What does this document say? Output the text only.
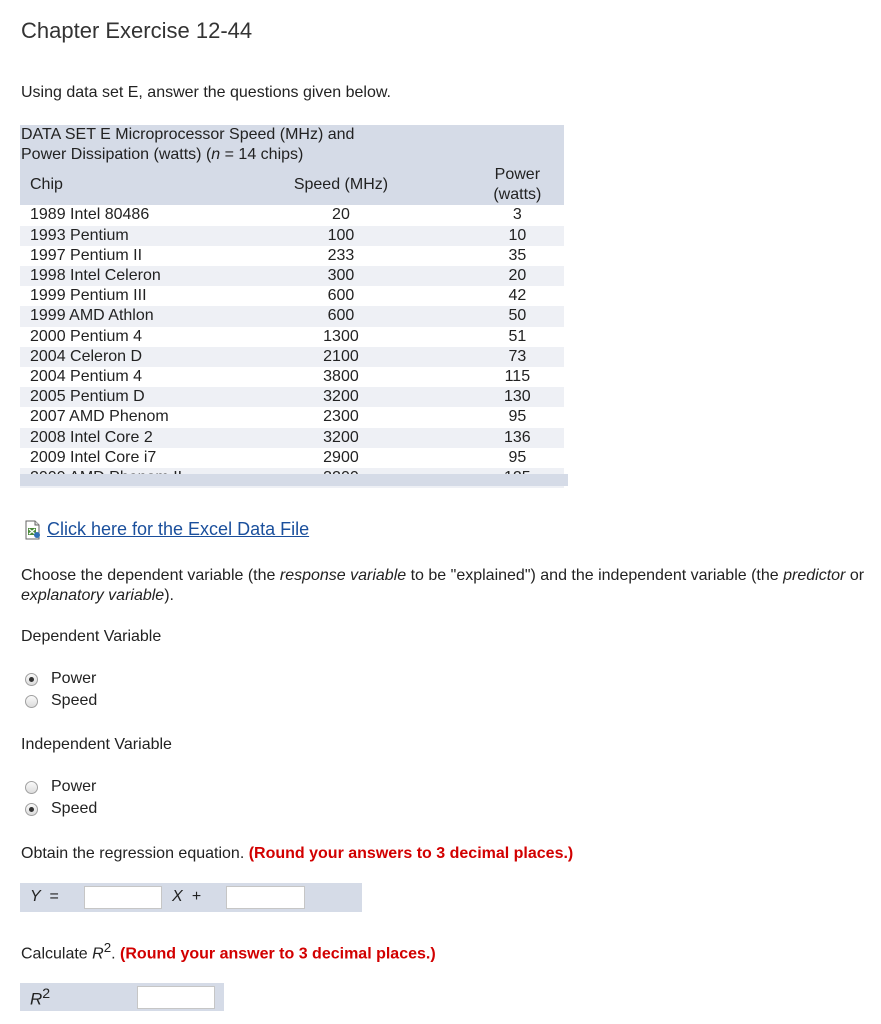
Chapter Exercise 12-44
Using data set E, answer the questions given below.
DATA SET E Microprocessor Speed (MHz) and
Power Dissipation (watts) (n = 14 chips)
Chip	Speed (MHz)	Power (watts)
1989 Intel 80486	20	3
1993 Pentium	100	10
1997 Pentium II	233	35
1998 Intel Celeron	300	20
1999 Pentium III	600	42
1999 AMD Athlon	600	50
2000 Pentium 4	1300	51
2004 Celeron D	2100	73
2004 Pentium 4	3800	115
2005 Pentium D	3200	130
2007 AMD Phenom	2300	95
2008 Intel Core 2	3200	136
2009 Intel Core i7	2900	95

Click here for the Excel Data File
Choose the dependent variable (the response variable to be "explained") and the independent variable (the predictor or explanatory variable).
Dependent Variable
Power
Speed
Independent Variable
Power
Speed
Obtain the regression equation. (Round your answers to 3 decimal places.)
Y  =	X  +
Calculate $R^2$. (Round your answer to 3 decimal places.)
$R^2$
